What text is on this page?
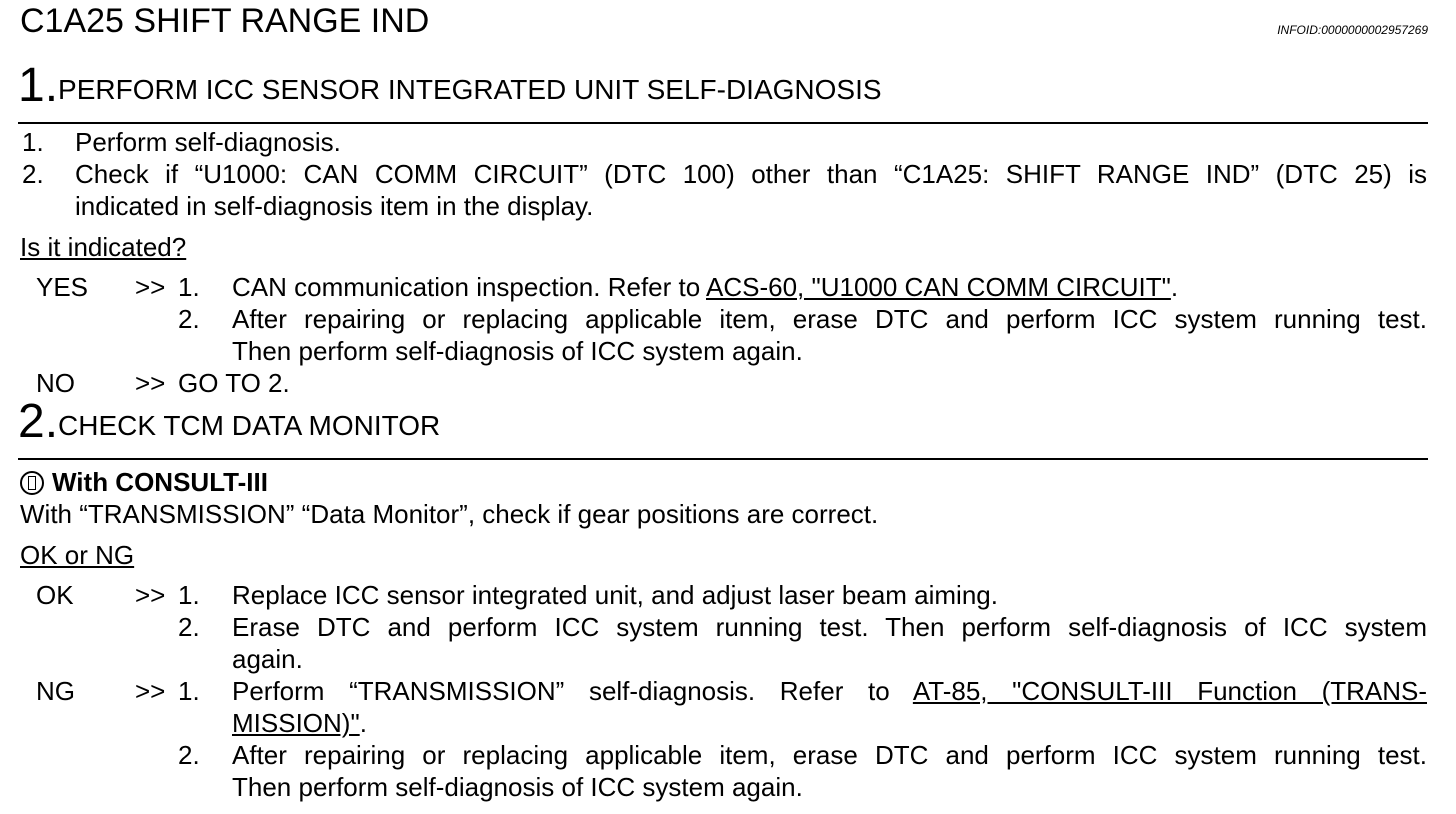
C1A25 SHIFT RANGE IND	INFOID:0000000002957269
1.PERFORM ICC SENSOR INTEGRATED UNIT SELF-DIAGNOSIS
1. Perform self-diagnosis.
2. Check if “U1000: CAN COMM CIRCUIT” (DTC 100) other than “C1A25: SHIFT RANGE IND” (DTC 25) is
indicated in self-diagnosis item in the display.
Is it indicated?
YES >> 1. CAN communication inspection. Refer to ACS-60, "U1000 CAN COMM CIRCUIT".
2. After repairing or replacing applicable item, erase DTC and perform ICC system running test.
Then perform self-diagnosis of ICC system again.
NO >> GO TO 2.
2.CHECK TCM DATA MONITOR
With CONSULT-III
With “TRANSMISSION” “Data Monitor”, check if gear positions are correct.
OK or NG
OK >> 1. Replace ICC sensor integrated unit, and adjust laser beam aiming.
2. Erase DTC and perform ICC system running test. Then perform self-diagnosis of ICC system
again.
NG >> 1. Perform “TRANSMISSION” self-diagnosis. Refer to AT-85, "CONSULT-III Function (TRANS-
MISSION)".
2. After repairing or replacing applicable item, erase DTC and perform ICC system running test.
Then perform self-diagnosis of ICC system again.
